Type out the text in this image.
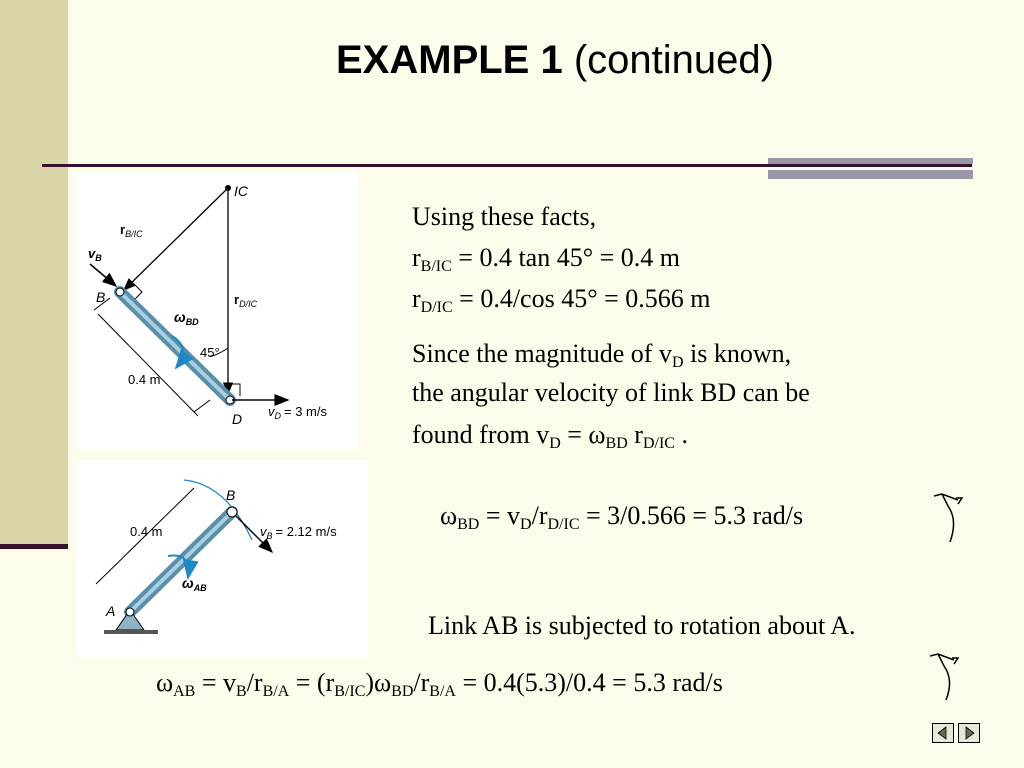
EXAMPLE 1 (continued)
IC
$r_{B/IC}$
$v_B$
B	$r_{D/IC}$
$\omega_{BD}$
45°
0.4 m
$v_D = 3$ m/s
D
B
0.4 m	$v_B = 2.12$ m/s
$\omega_{AB}$
A
Using these facts,
$r_{B/IC} = 0.4$ tan 45° = 0.4 m
$r_{D/IC} = 0.4/\cos$ 45° = 0.566 m
Since the magnitude of $v_D$ is known,
the angular velocity of link BD can be
found from $v_D = \omega_{BD}$ $r_{D/IC}$ .
$\omega_{BD} = v_D/r_{D/IC} = 3/0.566 = 5.3$ rad/s
Link AB is subjected to rotation about A.
$\omega_{AB} = v_B/r_{B/A} = (r_{B/IC})\omega_{BD}/r_{B/A} = 0.4(5.3)/0.4 = 5.3$ rad/s
